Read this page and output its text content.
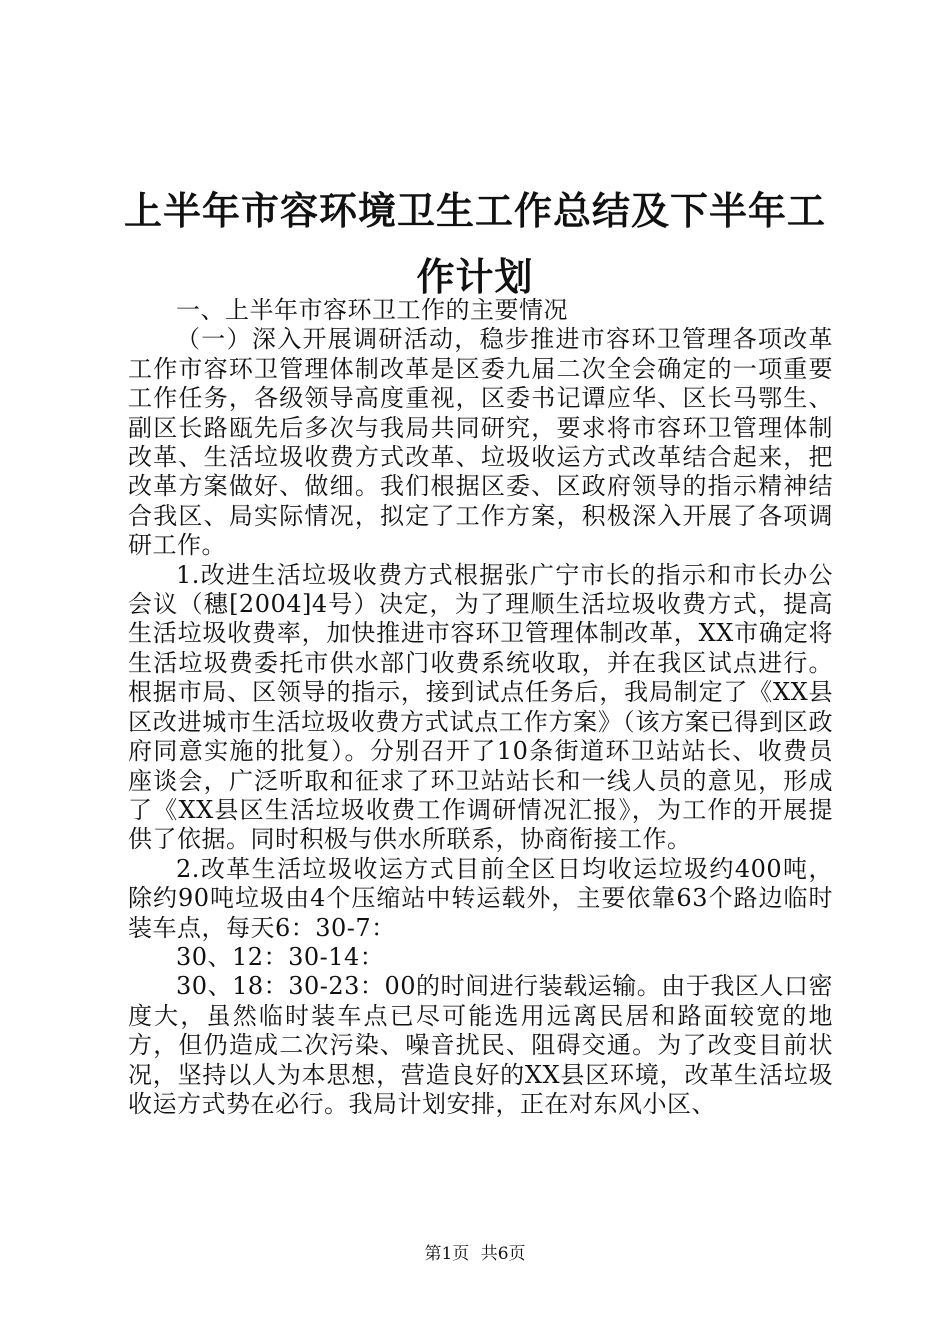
上半年市容环境卫生工作总结及下半年工作计划

一、上半年市容环卫工作的主要情况

（一）深入开展调研活动，稳步推进市容环卫管理各项改革工作市容环卫管理体制改革是区委九届二次全会确定的一项重要工作任务，各级领导高度重视，区委书记谭应华、区长马鄂生、副区长路瓯先后多次与我局共同研究，要求将市容环卫管理体制改革、生活垃圾收费方式改革、垃圾收运方式改革结合起来，把改革方案做好、做细。我们根据区委、区政府领导的指示精神结合我区、局实际情况，拟定了工作方案，积极深入开展了各项调研工作。

1.改进生活垃圾收费方式根据张广宁市长的指示和市长办公会议（穗[2004]4号）决定，为了理顺生活垃圾收费方式，提高生活垃圾收费率，加快推进市容环卫管理体制改革，XX市确定将生活垃圾费委托市供水部门收费系统收取，并在我区试点进行。根据市局、区领导的指示，接到试点任务后，我局制定了《XX县区改进城市生活垃圾收费方式试点工作方案》（该方案已得到区政府同意实施的批复）。分别召开了10条街道环卫站站长、收费员座谈会，广泛听取和征求了环卫站站长和一线人员的意见，形成了《XX县区生活垃圾收费工作调研情况汇报》，为工作的开展提供了依据。同时积极与供水所联系，协商衔接工作。

2.改革生活垃圾收运方式目前全区日均收运垃圾约400吨，除约90吨垃圾由4个压缩站中转运载外，主要依靠63个路边临时装车点，每天6：30-7：

30、12：30-14：

30、18：30-23：00的时间进行装载运输。由于我区人口密度大，虽然临时装车点已尽可能选用远离民居和路面较宽的地方，但仍造成二次污染、噪音扰民、阻碍交通。为了改变目前状况，坚持以人为本思想，营造良好的XX县区环境，改革生活垃圾收运方式势在必行。我局计划安排，正在对东风小区、

第1页 共6页
